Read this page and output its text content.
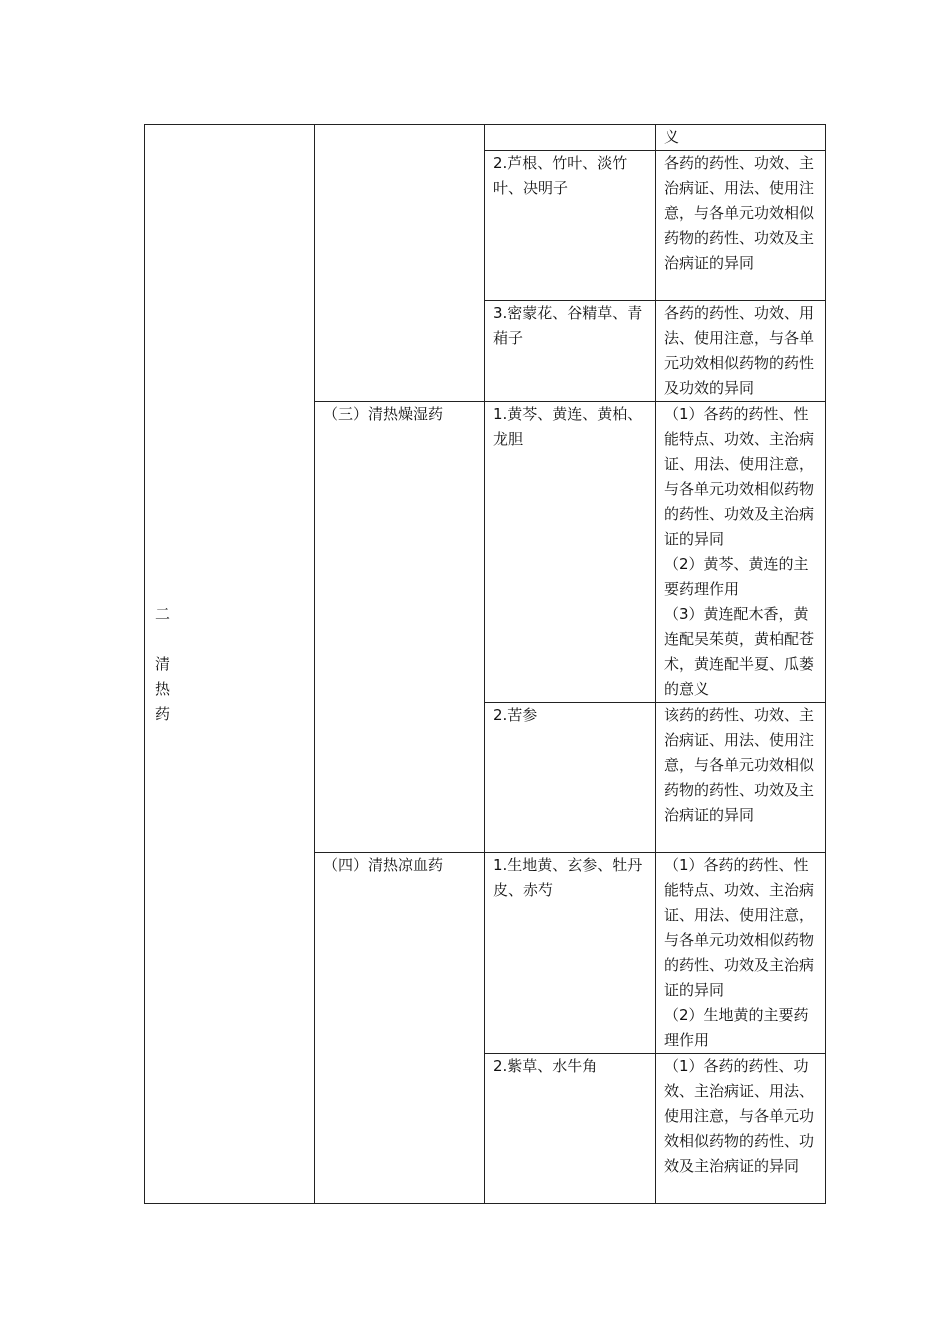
二
清
热
药			义
		2.芦根、竹叶、淡竹叶、决明子	各药的药性、功效、主治病证、用法、使用注意，与各单元功效相似药物的药性、功效及主治病证的异同
		3.密蒙花、谷精草、青葙子	各药的药性、功效、用法、使用注意，与各单元功效相似药物的药性及功效的异同
	（三）清热燥湿药	1.黄芩、黄连、黄柏、龙胆	（1）各药的药性、性能特点、功效、主治病证、用法、使用注意，与各单元功效相似药物的药性、功效及主治病证的异同
（2）黄芩、黄连的主要药理作用
（3）黄连配木香，黄连配吴茱萸，黄柏配苍术，黄连配半夏、瓜蒌的意义

		2.苦参	该药的药性、功效、主治病证、用法、使用注意，与各单元功效相似药物的药性、功效及主治病证的异同
	（四）清热凉血药	1.生地黄、玄参、牡丹皮、赤芍	（1）各药的药性、性能特点、功效、主治病证、用法、使用注意，与各单元功效相似药物的药性、功效及主治病证的异同
（2）生地黄的主要药理作用

		2.紫草、水牛角	（1）各药的药性、功效、主治病证、用法、使用注意，与各单元功效相似药物的药性、功效及主治病证的异同
